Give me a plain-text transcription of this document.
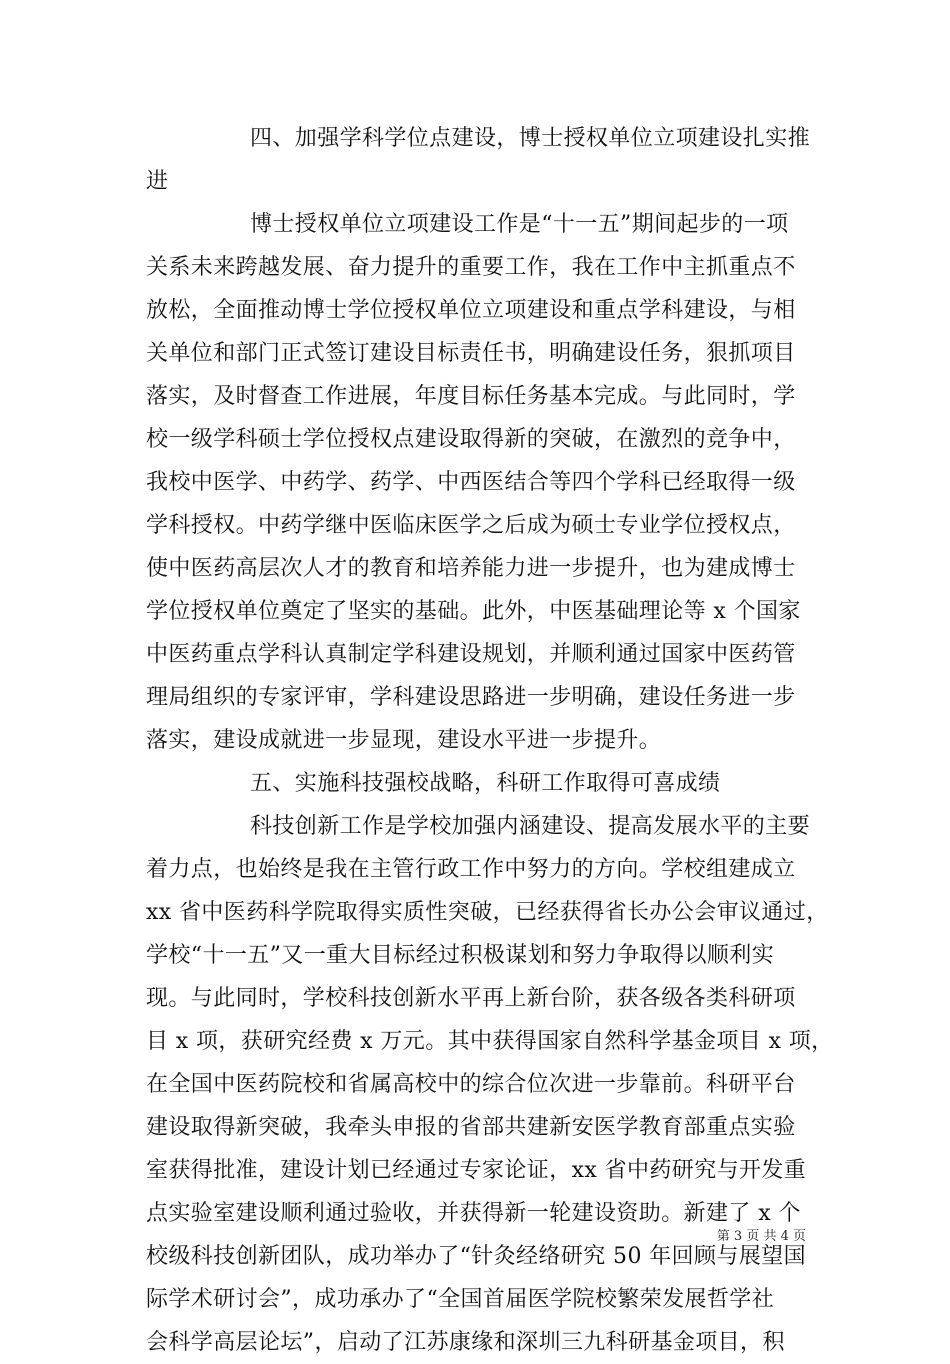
四、加强学科学位点建设，博士授权单位立项建设扎实推
进
博士授权单位立项建设工作是“十一五”期间起步的一项
关系未来跨越发展、奋力提升的重要工作，我在工作中主抓重点不
放松，全面推动博士学位授权单位立项建设和重点学科建设，与相
关单位和部门正式签订建设目标责任书，明确建设任务，狠抓项目
落实，及时督查工作进展，年度目标任务基本完成。与此同时，学
校一级学科硕士学位授权点建设取得新的突破，在激烈的竞争中，
我校中医学、中药学、药学、中西医结合等四个学科已经取得一级
学科授权。中药学继中医临床医学之后成为硕士专业学位授权点，
使中医药高层次人才的教育和培养能力进一步提升，也为建成博士
学位授权单位奠定了坚实的基础。此外，中医基础理论等 x 个国家
中医药重点学科认真制定学科建设规划，并顺利通过国家中医药管
理局组织的专家评审，学科建设思路进一步明确，建设任务进一步
落实，建设成就进一步显现，建设水平进一步提升。
五、实施科技强校战略，科研工作取得可喜成绩
科技创新工作是学校加强内涵建设、提高发展水平的主要
着力点，也始终是我在主管行政工作中努力的方向。学校组建成立
xx 省中医药科学院取得实质性突破，已经获得省长办公会审议通过，
学校“十一五”又一重大目标经过积极谋划和努力争取得以顺利实
现。与此同时，学校科技创新水平再上新台阶，获各级各类科研项
目 x 项，获研究经费 x 万元。其中获得国家自然科学基金项目 x 项，
在全国中医药院校和省属高校中的综合位次进一步靠前。科研平台
建设取得新突破，我牵头申报的省部共建新安医学教育部重点实验
室获得批准，建设计划已经通过专家论证，xx 省中药研究与开发重
点实验室建设顺利通过验收，并获得新一轮建设资助。新建了 x 个
校级科技创新团队，成功举办了“针灸经络研究 50 年回顾与展望国
际学术研讨会”，成功承办了“全国首届医学院校繁荣发展哲学社
会科学高层论坛”，启动了江苏康缘和深圳三九科研基金项目，积
第 3 页 共 4 页
